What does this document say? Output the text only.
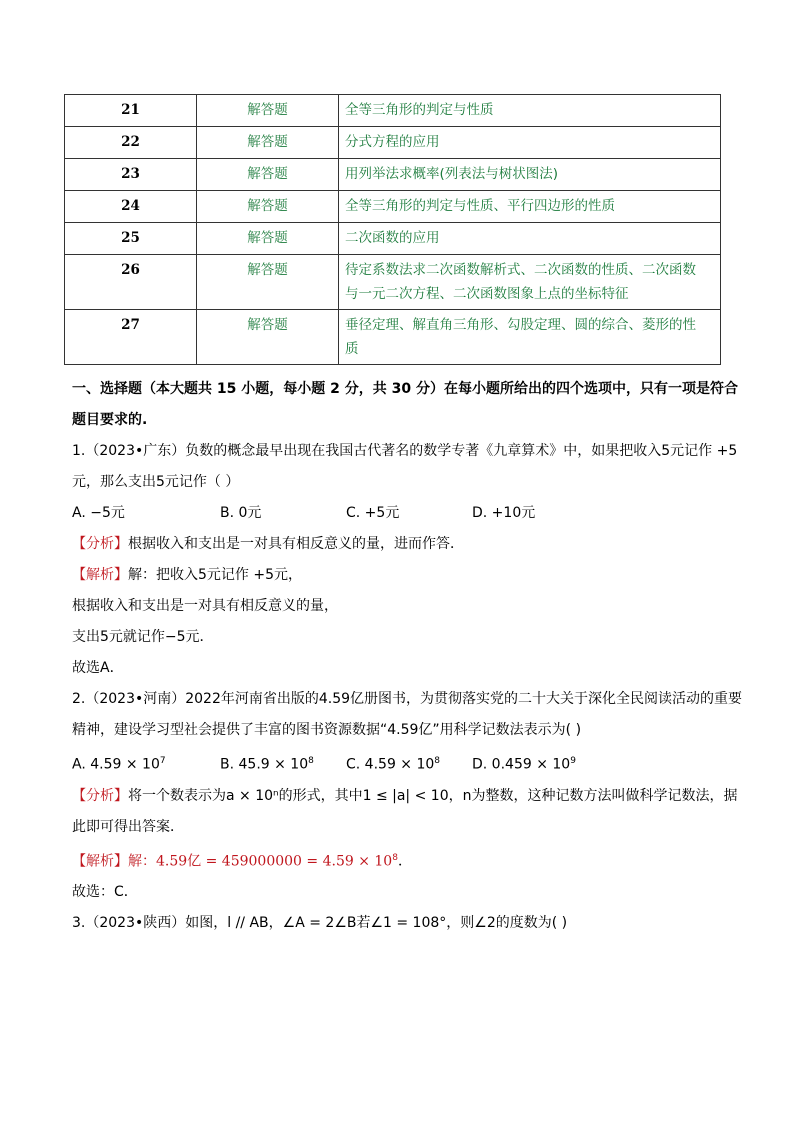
21	解答题	全等三角形的判定与性质
22	解答题	分式方程的应用
23	解答题	用列举法求概率(列表法与树状图法)
24	解答题	全等三角形的判定与性质、平行四边形的性质
25	解答题	二次函数的应用
26	解答题	待定系数法求二次函数解析式、二次函数的性质、二次函数
与一元二次方程、二次函数图象上点的坐标特征

27	解答题	垂径定理、解直角三角形、勾股定理、圆的综合、菱形的性
质
一、选择题（本大题共 15 小题，每小题 2 分，共 30 分）在每小题所给出的四个选项中，只有一项是符合
题目要求的.
1.（2023•广东）负数的概念最早出现在我国古代著名的数学专著《九章算术》中，如果把收入5元记作 +5
元，那么支出5元记作（ ）
A. −5元	B. 0元	C. +5元	D. +10元
【分析】根据收入和支出是一对具有相反意义的量，进而作答．
【解析】解：把收入5元记作 +5元，
根据收入和支出是一对具有相反意义的量，
支出5元就记作−5元．
故选A．
2.（2023•河南）2022年河南省出版的4.59亿册图书，为贯彻落实党的二十大关于深化全民阅读活动的重要
精神，建设学习型社会提供了丰富的图书资源数据“4.59亿”用科学记数法表示为( )
A. $4.59 \times 10^7$	B. $45.9 \times 10^8$	C. $4.59 \times 10^8$	D. $0.459 \times 10^9$
【分析】将一个数表示为a × 10ⁿ的形式，其中1 ≤ |a| < 10，n为整数，这种记数方法叫做科学记数法，据
此即可得出答案．
【解析】解：4.59亿 = $459000000 = 4.59 \times 10^8$．
故选：C．
3.（2023•陕西）如图，l // AB，∠A = 2∠B若∠1 = 108°，则∠2的度数为( )
